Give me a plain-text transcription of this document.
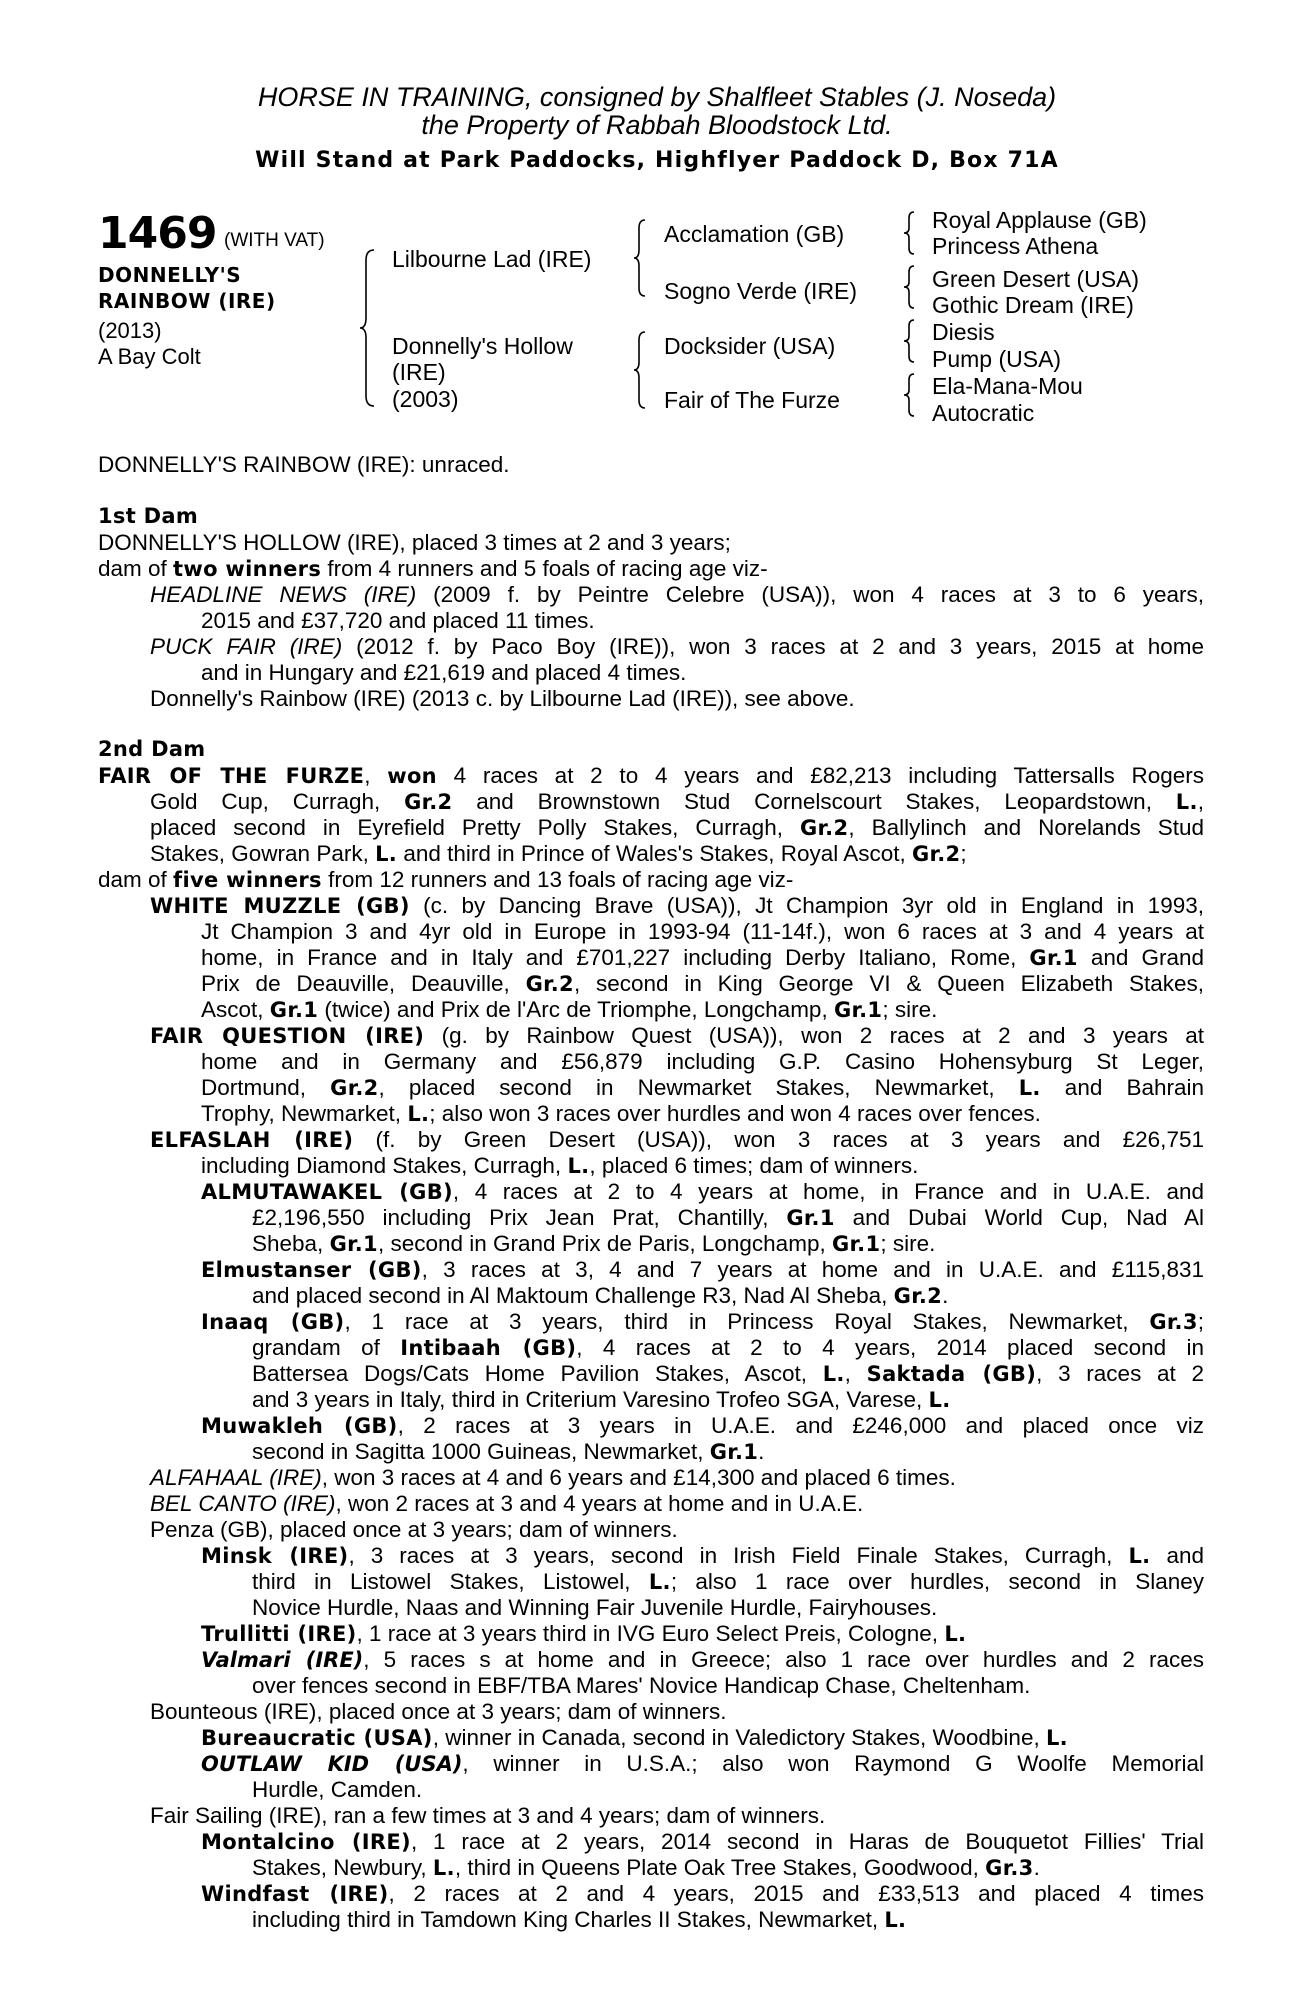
HORSE IN TRAINING, consigned by Shalfleet Stables (J. Noseda)
the Property of Rabbah Bloodstock Ltd.
Will Stand at Park Paddocks, Highflyer Paddock D, Box 71A
1469 (WITH VAT)
DONNELLY'S
RAINBOW (IRE)
(2013)
A Bay Colt
Lilbourne Lad (IRE)
Donnelly's Hollow
(IRE)
(2003)
Acclamation (GB)
Sogno Verde (IRE)
Docksider (USA)
Fair of The Furze
Royal Applause (GB)
Princess Athena
Green Desert (USA)
Gothic Dream (IRE)
Diesis
Pump (USA)
Ela-Mana-Mou
Autocratic
DONNELLY'S RAINBOW (IRE): unraced.
1st Dam
DONNELLY'S HOLLOW (IRE), placed 3 times at 2 and 3 years;
dam of two winners from 4 runners and 5 foals of racing age viz-
HEADLINE NEWS (IRE) (2009 f. by Peintre Celebre (USA)), won 4 races at 3 to 6 years,
2015 and £37,720 and placed 11 times.
PUCK FAIR (IRE) (2012 f. by Paco Boy (IRE)), won 3 races at 2 and 3 years, 2015 at home
and in Hungary and £21,619 and placed 4 times.
Donnelly's Rainbow (IRE) (2013 c. by Lilbourne Lad (IRE)), see above.
2nd Dam
FAIR OF THE FURZE, won 4 races at 2 to 4 years and £82,213 including Tattersalls Rogers
Gold Cup, Curragh, Gr.2 and Brownstown Stud Cornelscourt Stakes, Leopardstown, L.,
placed second in Eyrefield Pretty Polly Stakes, Curragh, Gr.2, Ballylinch and Norelands Stud
Stakes, Gowran Park, L. and third in Prince of Wales's Stakes, Royal Ascot, Gr.2;
dam of five winners from 12 runners and 13 foals of racing age viz-
WHITE MUZZLE (GB) (c. by Dancing Brave (USA)), Jt Champion 3yr old in England in 1993,
Jt Champion 3 and 4yr old in Europe in 1993-94 (11-14f.), won 6 races at 3 and 4 years at
home, in France and in Italy and £701,227 including Derby Italiano, Rome, Gr.1 and Grand
Prix de Deauville, Deauville, Gr.2, second in King George VI & Queen Elizabeth Stakes,
Ascot, Gr.1 (twice) and Prix de l'Arc de Triomphe, Longchamp, Gr.1; sire.
FAIR QUESTION (IRE) (g. by Rainbow Quest (USA)), won 2 races at 2 and 3 years at
home and in Germany and £56,879 including G.P. Casino Hohensyburg St Leger,
Dortmund, Gr.2, placed second in Newmarket Stakes, Newmarket, L. and Bahrain
Trophy, Newmarket, L.; also won 3 races over hurdles and won 4 races over fences.
ELFASLAH (IRE) (f. by Green Desert (USA)), won 3 races at 3 years and £26,751
including Diamond Stakes, Curragh, L., placed 6 times; dam of winners.
ALMUTAWAKEL (GB), 4 races at 2 to 4 years at home, in France and in U.A.E. and
£2,196,550 including Prix Jean Prat, Chantilly, Gr.1 and Dubai World Cup, Nad Al
Sheba, Gr.1, second in Grand Prix de Paris, Longchamp, Gr.1; sire.
Elmustanser (GB), 3 races at 3, 4 and 7 years at home and in U.A.E. and £115,831
and placed second in Al Maktoum Challenge R3, Nad Al Sheba, Gr.2.
Inaaq (GB), 1 race at 3 years, third in Princess Royal Stakes, Newmarket, Gr.3;
grandam of Intibaah (GB), 4 races at 2 to 4 years, 2014 placed second in
Battersea Dogs/Cats Home Pavilion Stakes, Ascot, L., Saktada (GB), 3 races at 2
and 3 years in Italy, third in Criterium Varesino Trofeo SGA, Varese, L.
Muwakleh (GB), 2 races at 3 years in U.A.E. and £246,000 and placed once viz
second in Sagitta 1000 Guineas, Newmarket, Gr.1.
ALFAHAAL (IRE), won 3 races at 4 and 6 years and £14,300 and placed 6 times.
BEL CANTO (IRE), won 2 races at 3 and 4 years at home and in U.A.E.
Penza (GB), placed once at 3 years; dam of winners.
Minsk (IRE), 3 races at 3 years, second in Irish Field Finale Stakes, Curragh, L. and
third in Listowel Stakes, Listowel, L.; also 1 race over hurdles, second in Slaney
Novice Hurdle, Naas and Winning Fair Juvenile Hurdle, Fairyhouses.
Trullitti (IRE), 1 race at 3 years third in IVG Euro Select Preis, Cologne, L.
Valmari (IRE), 5 races s at home and in Greece; also 1 race over hurdles and 2 races
over fences second in EBF/TBA Mares' Novice Handicap Chase, Cheltenham.
Bounteous (IRE), placed once at 3 years; dam of winners.
Bureaucratic (USA), winner in Canada, second in Valedictory Stakes, Woodbine, L.
OUTLAW KID (USA), winner in U.S.A.; also won Raymond G Woolfe Memorial
Hurdle, Camden.
Fair Sailing (IRE), ran a few times at 3 and 4 years; dam of winners.
Montalcino (IRE), 1 race at 2 years, 2014 second in Haras de Bouquetot Fillies' Trial
Stakes, Newbury, L., third in Queens Plate Oak Tree Stakes, Goodwood, Gr.3.
Windfast (IRE), 2 races at 2 and 4 years, 2015 and £33,513 and placed 4 times
including third in Tamdown King Charles II Stakes, Newmarket, L.
